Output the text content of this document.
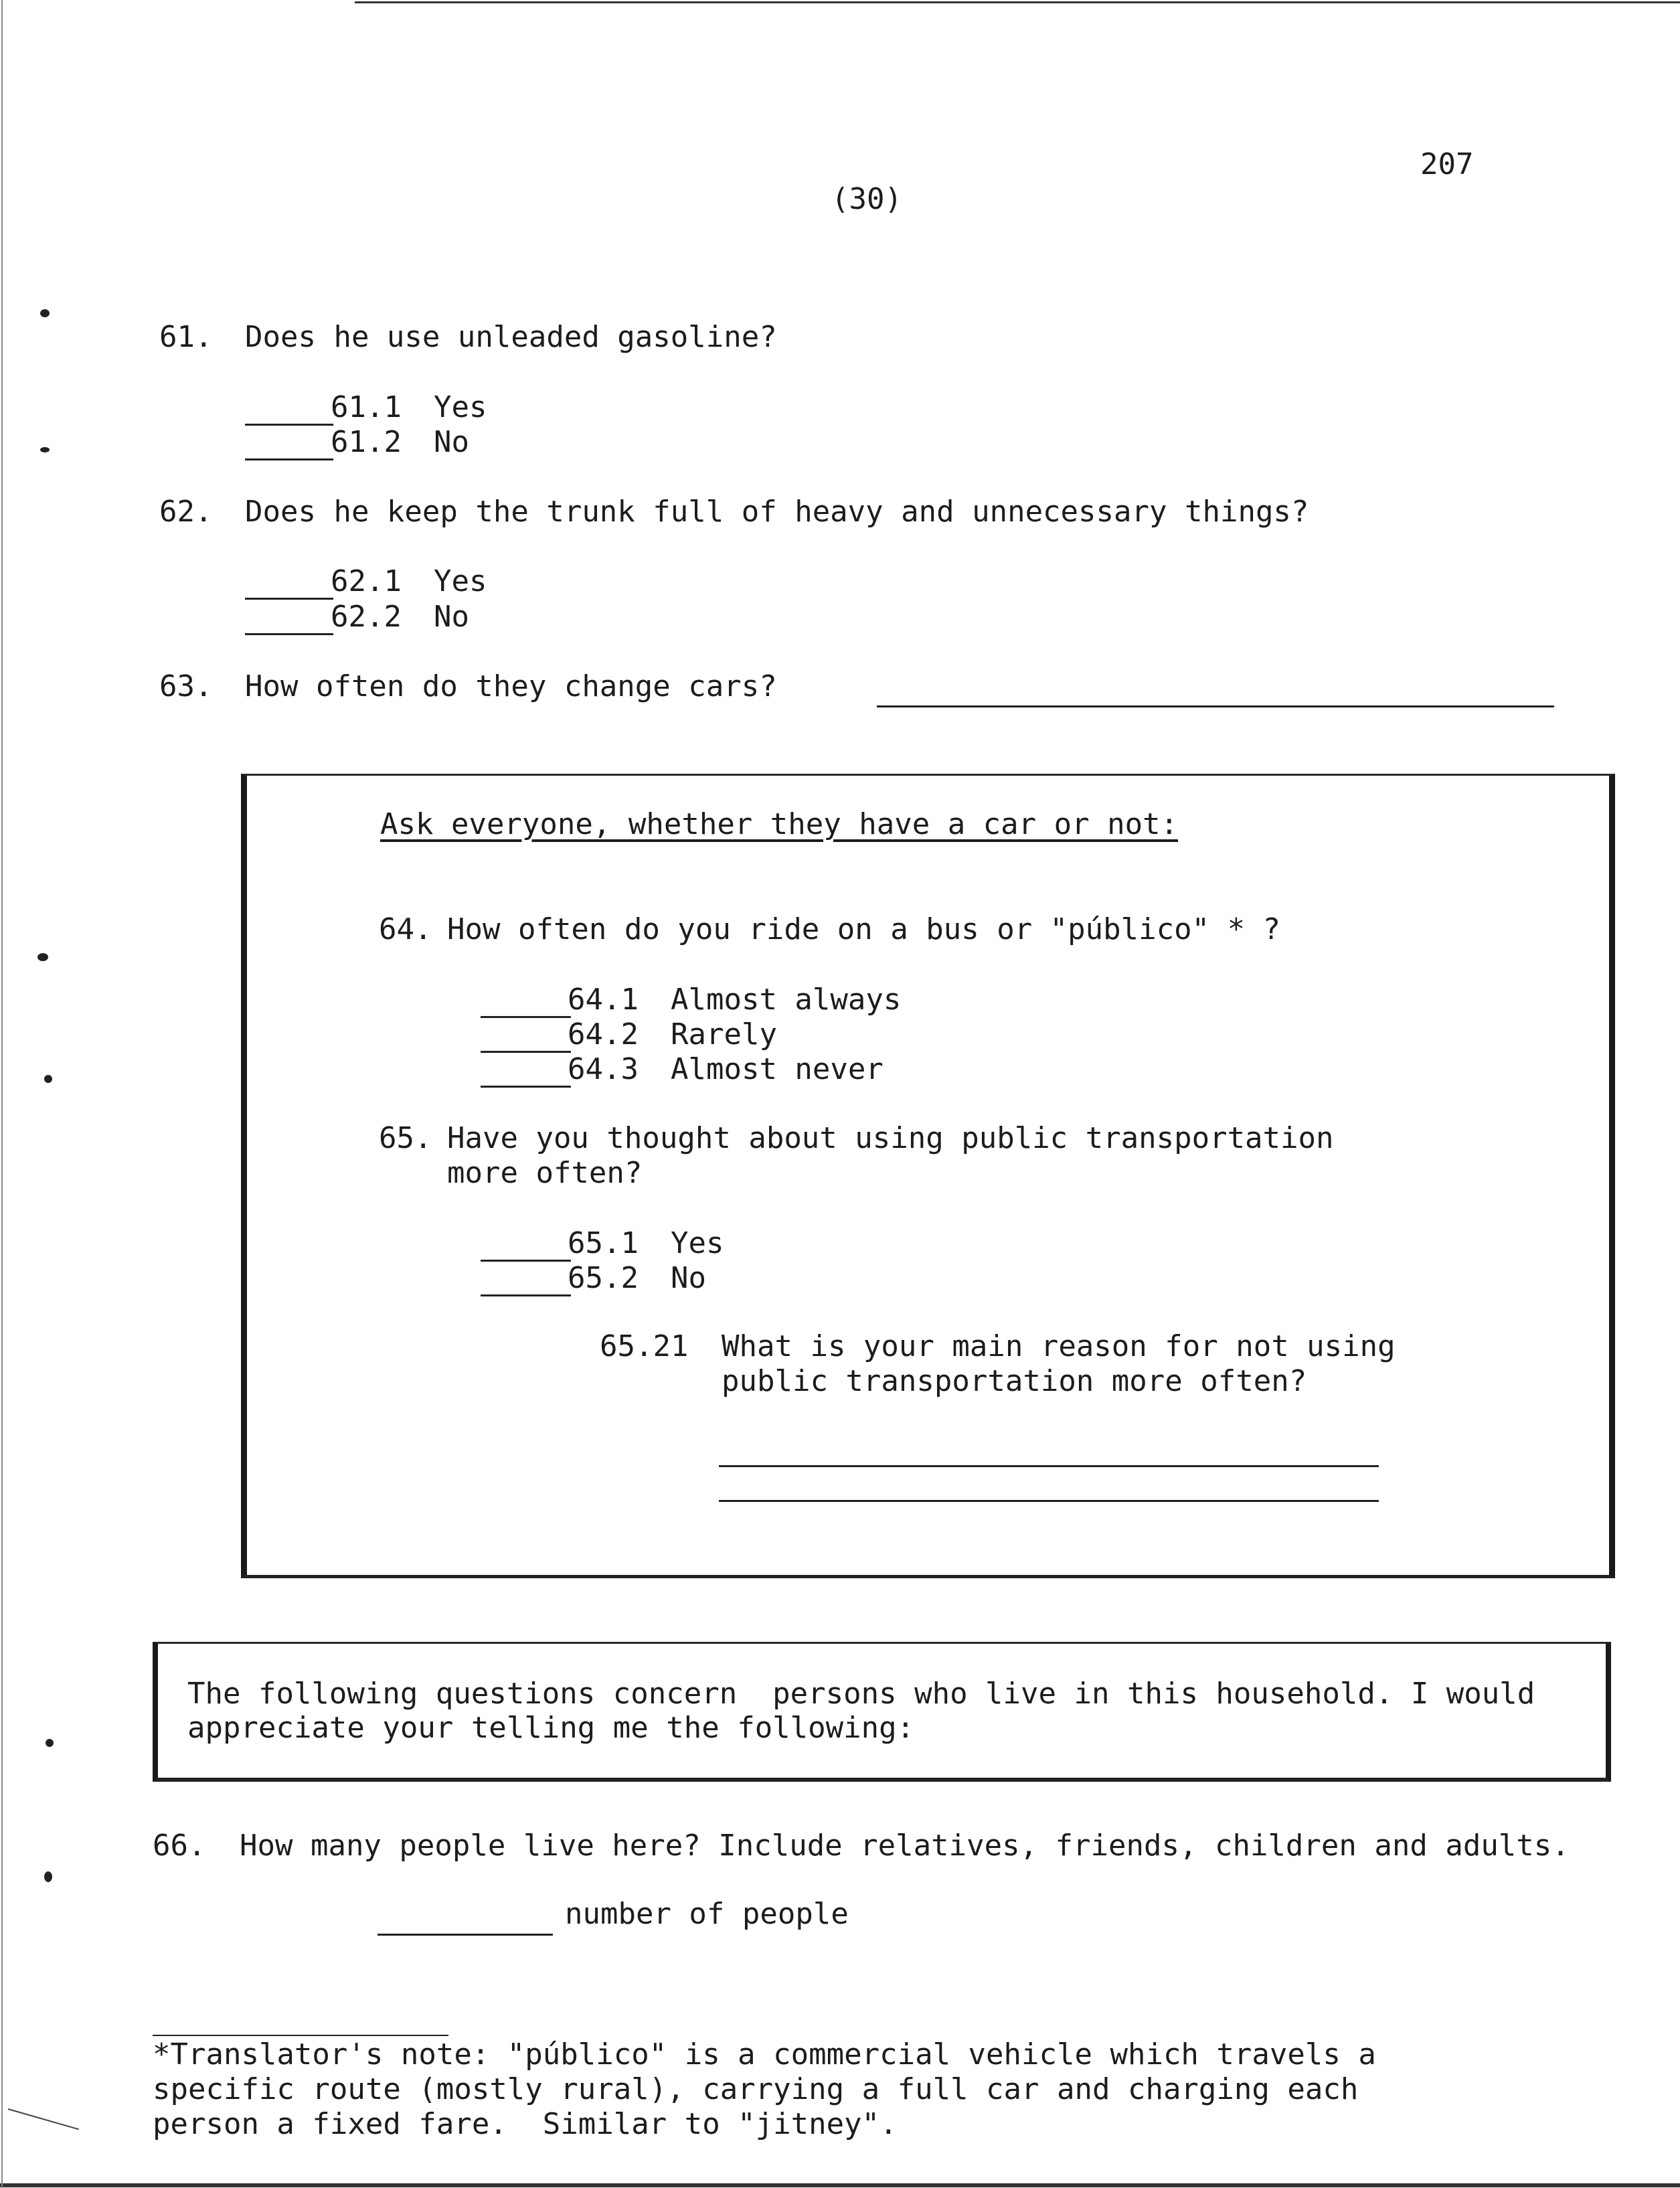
207
(30)
61. Does he use unleaded gasoline?
61.1 Yes
61.2 No
62. Does he keep the trunk full of heavy and unnecessary things?
62.1 Yes
62.2 No
63. How often do they change cars?
Ask everyone, whether they have a car or not:
64. How often do you ride on a bus or "público" * ?
64.1 Almost always
64.2 Rarely
64.3 Almost never
65. Have you thought about using public transportation
more often?
65.1 Yes
65.2 No
65.21 What is your main reason for not using
public transportation more often?
The following questions concern  persons who live in this household. I would
appreciate your telling me the following:
66. How many people live here? Include relatives, friends, children and adults.
number of people
*Translator's note: "público" is a commercial vehicle which travels a
specific route (mostly rural), carrying a full car and charging each
person a fixed fare.  Similar to "jitney".
